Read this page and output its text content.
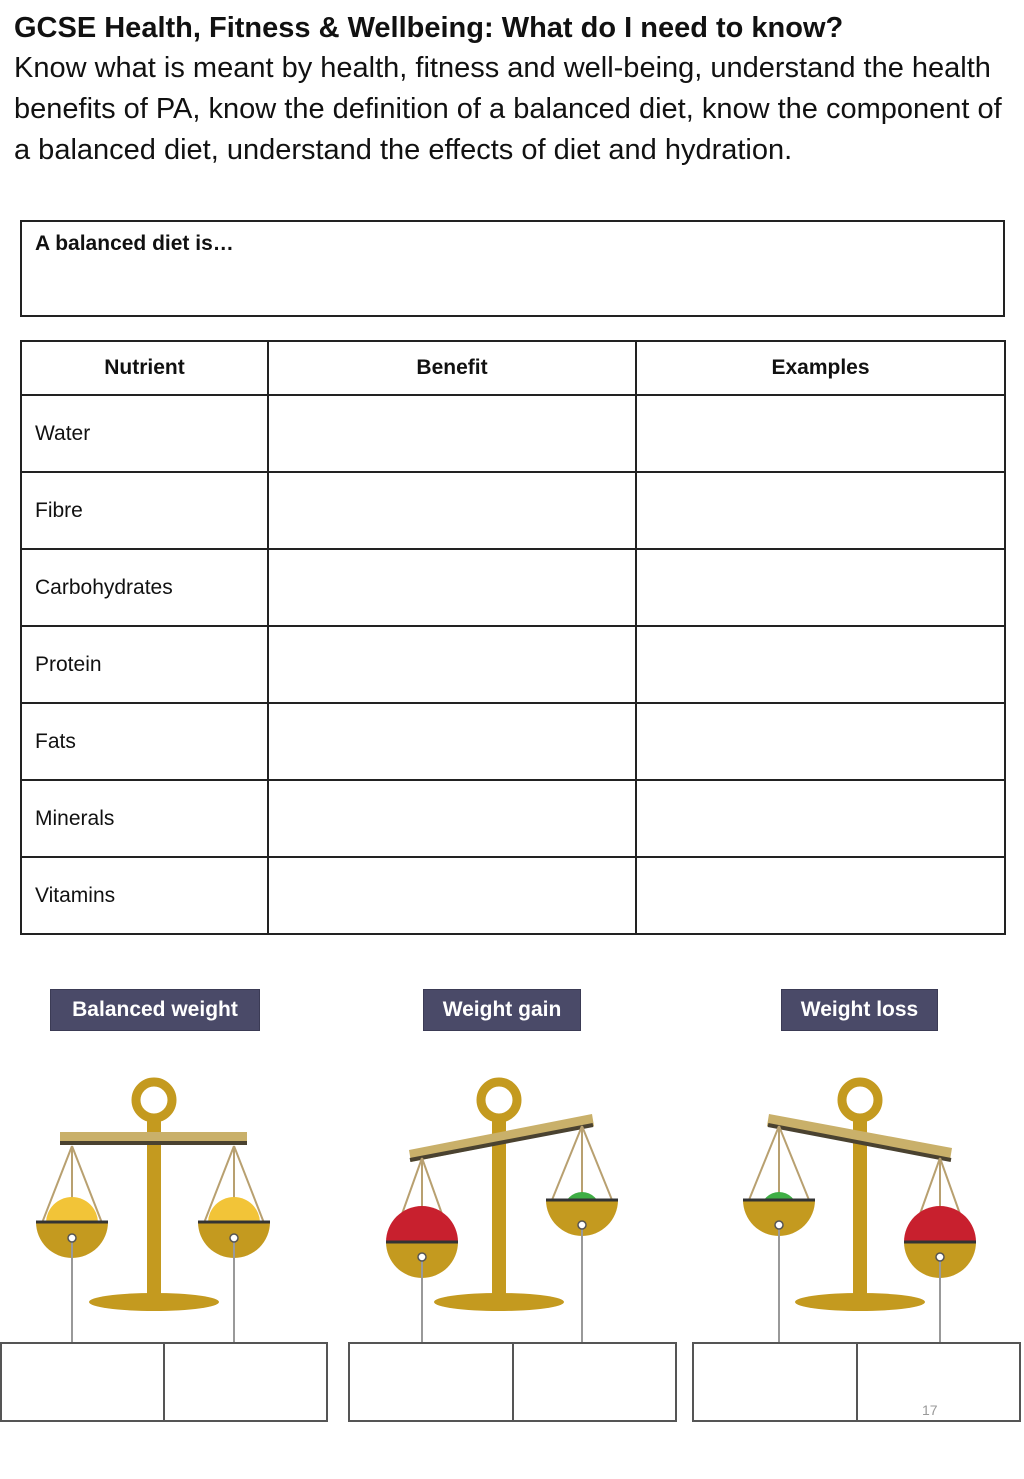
GCSE Health, Fitness & Wellbeing: What do I need to know?
Know what is meant by health, fitness and well-being, understand the health benefits of PA, know the definition of a balanced diet, know the component of a balanced diet, understand the effects of diet and hydration.
A balanced diet is…
Nutrient	Benefit	Examples
Water		
Fibre		
Carbohydrates		
Protein		
Fats		
Minerals		
Vitamins		
Balanced weight	Weight gain	Weight loss
17
